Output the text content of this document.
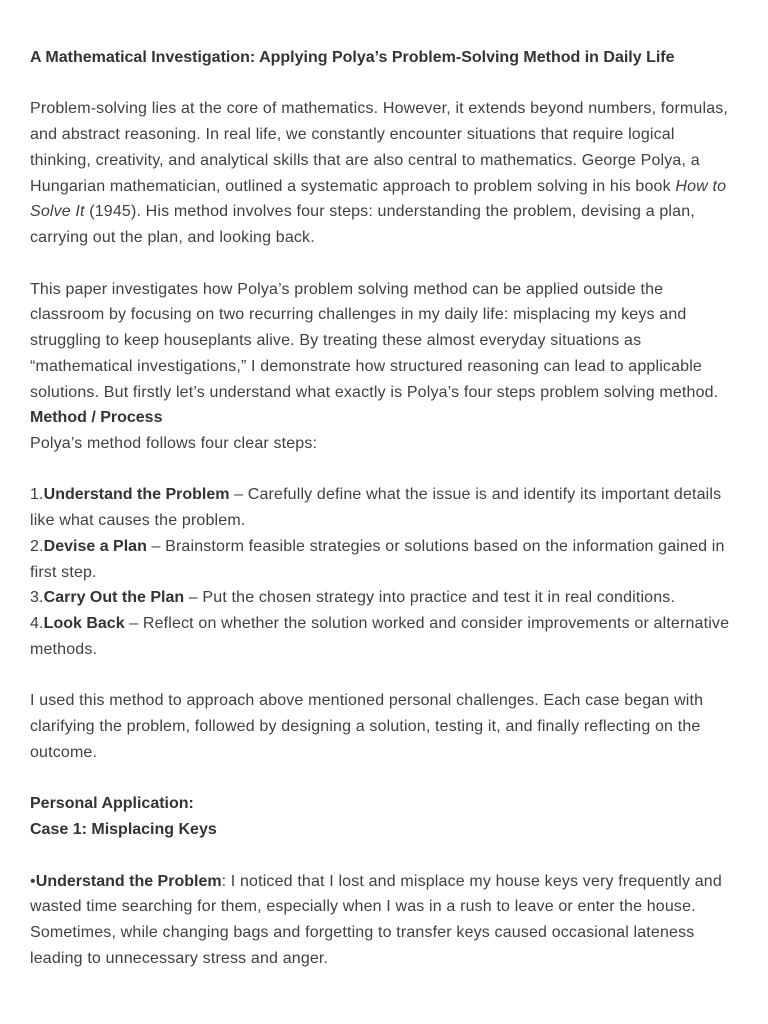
A Mathematical Investigation: Applying Polya’s Problem-Solving Method in Daily Life
Problem-solving lies at the core of mathematics. However, it extends beyond numbers, formulas,
and abstract reasoning. In real life, we constantly encounter situations that require logical
thinking, creativity, and analytical skills that are also central to mathematics. George Polya, a
Hungarian mathematician, outlined a systematic approach to problem solving in his book How to
Solve It (1945). His method involves four steps: understanding the problem, devising a plan,
carrying out the plan, and looking back.
This paper investigates how Polya’s problem solving method can be applied outside the
classroom by focusing on two recurring challenges in my daily life: misplacing my keys and
struggling to keep houseplants alive. By treating these almost everyday situations as
“mathematical investigations,” I demonstrate how structured reasoning can lead to applicable
solutions. But firstly let’s understand what exactly is Polya’s four steps problem solving method.
Method / Process

Polya’s method follows four clear steps:

1.Understand the Problem – Carefully define what the issue is and identify its important details
like what causes the problem.
2.Devise a Plan – Brainstorm feasible strategies or solutions based on the information gained in
first step.
3.Carry Out the Plan – Put the chosen strategy into practice and test it in real conditions.
4.Look Back – Reflect on whether the solution worked and consider improvements or alternative
methods.
I used this method to approach above mentioned personal challenges. Each case began with
clarifying the problem, followed by designing a solution, testing it, and finally reflecting on the
outcome.
Personal Application:
Case 1: Misplacing Keys
•Understand the Problem: I noticed that I lost and misplace my house keys very frequently and
wasted time searching for them, especially when I was in a rush to leave or enter the house.
Sometimes, while changing bags and forgetting to transfer keys caused occasional lateness
leading to unnecessary stress and anger.
